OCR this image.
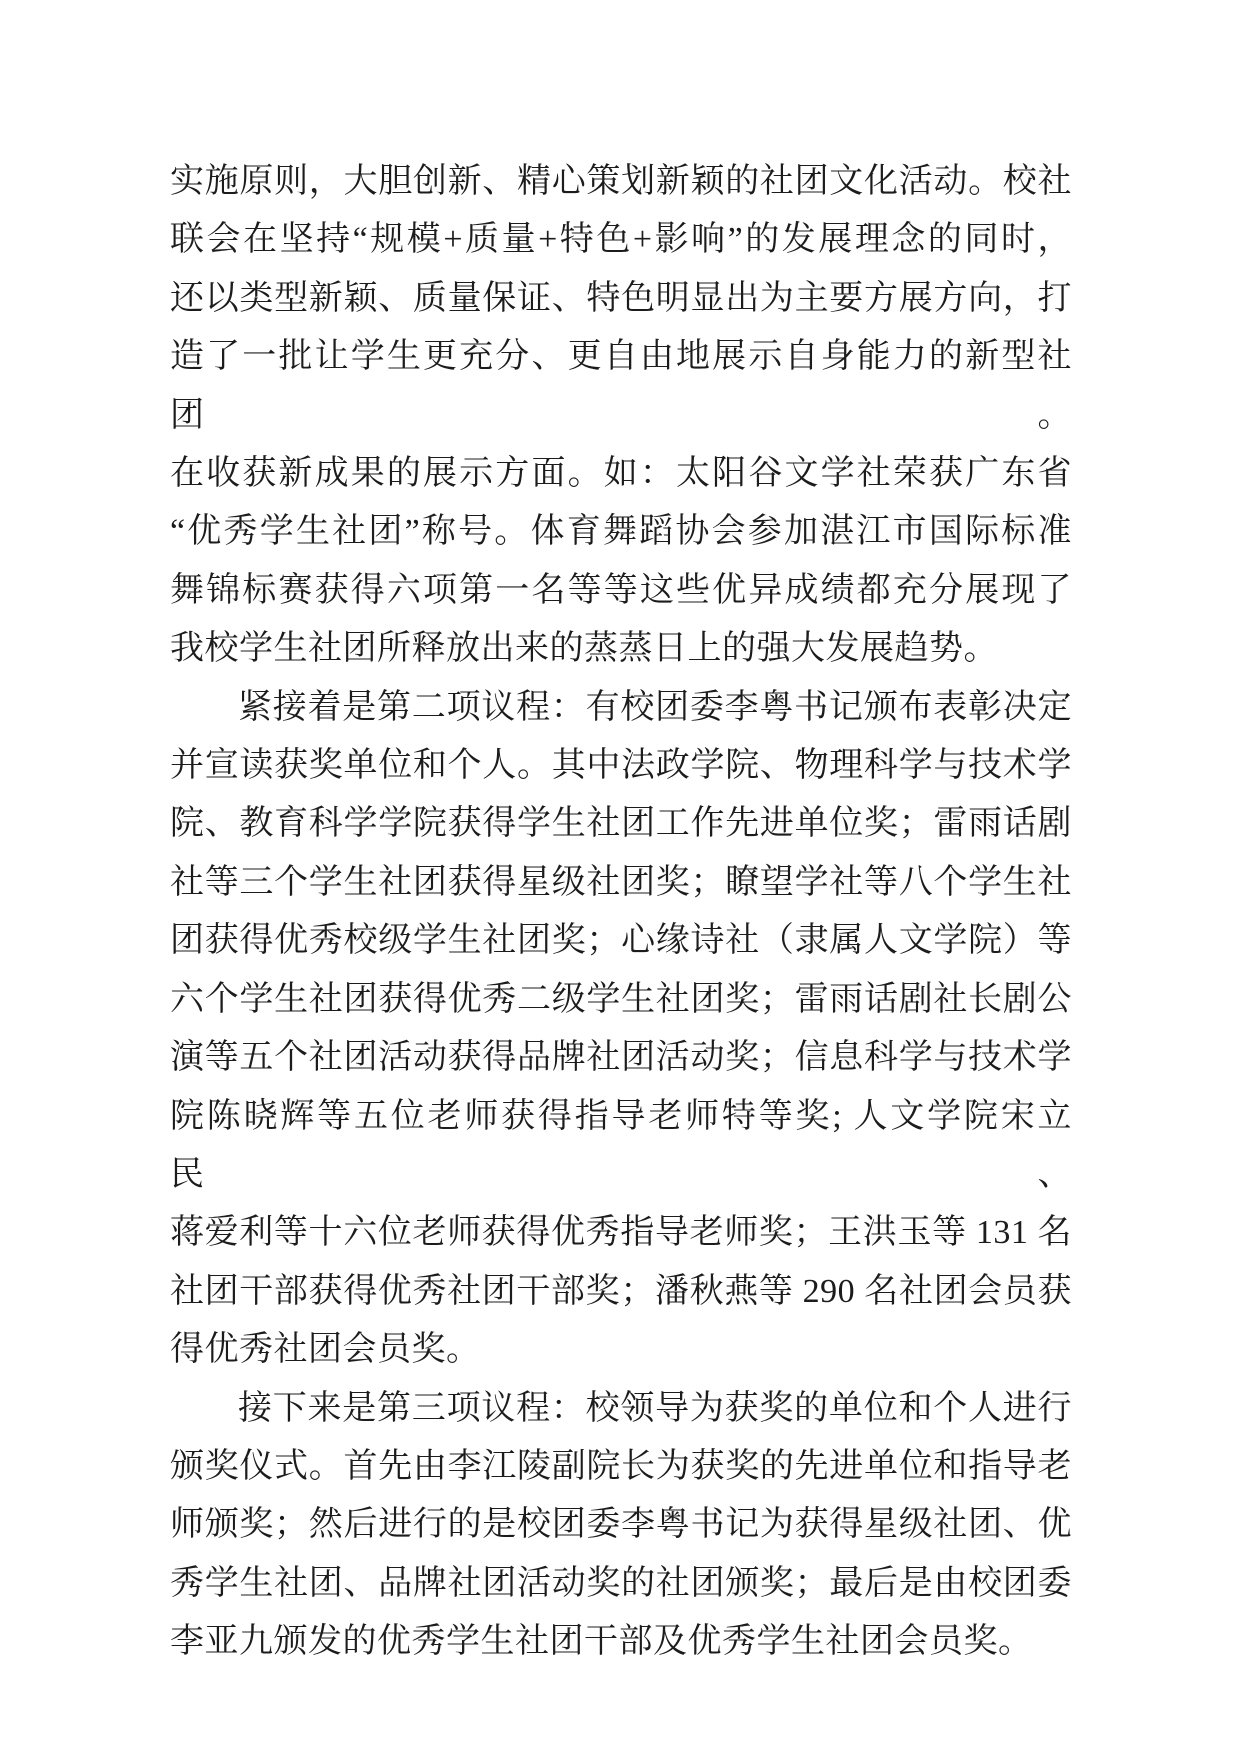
实施原则，大胆创新、精心策划新颖的社团文化活动。校社
联会在坚持“规模+质量+特色+影响”的发展理念的同时，
还以类型新颖、质量保证、特色明显出为主要方展方向，打
造了一批让学生更充分、更自由地展示自身能力的新型社团。
在收获新成果的展示方面。如：太阳谷文学社荣获广东省
“优秀学生社团”称号。体育舞蹈协会参加湛江市国际标准
舞锦标赛获得六项第一名等等这些优异成绩都充分展现了
我校学生社团所释放出来的蒸蒸日上的强大发展趋势。
紧接着是第二项议程：有校团委李粤书记颁布表彰决定
并宣读获奖单位和个人。其中法政学院、物理科学与技术学
院、教育科学学院获得学生社团工作先进单位奖；雷雨话剧
社等三个学生社团获得星级社团奖；瞭望学社等八个学生社
团获得优秀校级学生社团奖；心缘诗社（隶属人文学院）等
六个学生社团获得优秀二级学生社团奖；雷雨话剧社长剧公
演等五个社团活动获得品牌社团活动奖；信息科学与技术学
院陈晓辉等五位老师获得指导老师特等奖; 人文学院宋立民、
蒋爱利等十六位老师获得优秀指导老师奖；王洪玉等 131 名
社团干部获得优秀社团干部奖；潘秋燕等 290 名社团会员获
得优秀社团会员奖。
接下来是第三项议程：校领导为获奖的单位和个人进行
颁奖仪式。首先由李江陵副院长为获奖的先进单位和指导老
师颁奖；然后进行的是校团委李粤书记为获得星级社团、优
秀学生社团、品牌社团活动奖的社团颁奖；最后是由校团委
李亚九颁发的优秀学生社团干部及优秀学生社团会员奖。
